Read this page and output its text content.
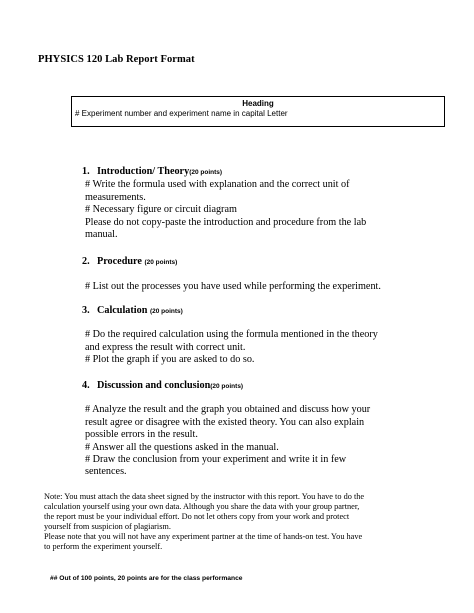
PHYSICS 120 Lab Report Format
Heading
# Experiment number and experiment name in capital Letter
1. Introduction/ Theory(20 points)
# Write the formula used with explanation and the correct unit of
measurements.
# Necessary figure or circuit diagram
Please do not copy-paste the introduction and procedure from the lab
manual.
2. Procedure (20 points)
# List out the processes you have used while performing the experiment.
3. Calculation (20 points)
# Do the required calculation using the formula mentioned in the theory
and express the result with correct unit.
# Plot the graph if you are asked to do so.
4. Discussion and conclusion(20 points)
# Analyze the result and the graph you obtained and discuss how your
result agree or disagree with the existed theory. You can also explain
possible errors in the result.
# Answer all the questions asked in the manual.
# Draw the conclusion from your experiment and write it in few
sentences.
Note: You must attach the data sheet signed by the instructor with this report. You have to do the
calculation yourself using your own data. Although you share the data with your group partner,
the report must be your individual effort. Do not let others copy from your work and protect
yourself from suspicion of plagiarism.
Please note that you will not have any experiment partner at the time of hands-on test. You have
to perform the experiment yourself.
## Out of 100 points, 20 points are for the class performance
